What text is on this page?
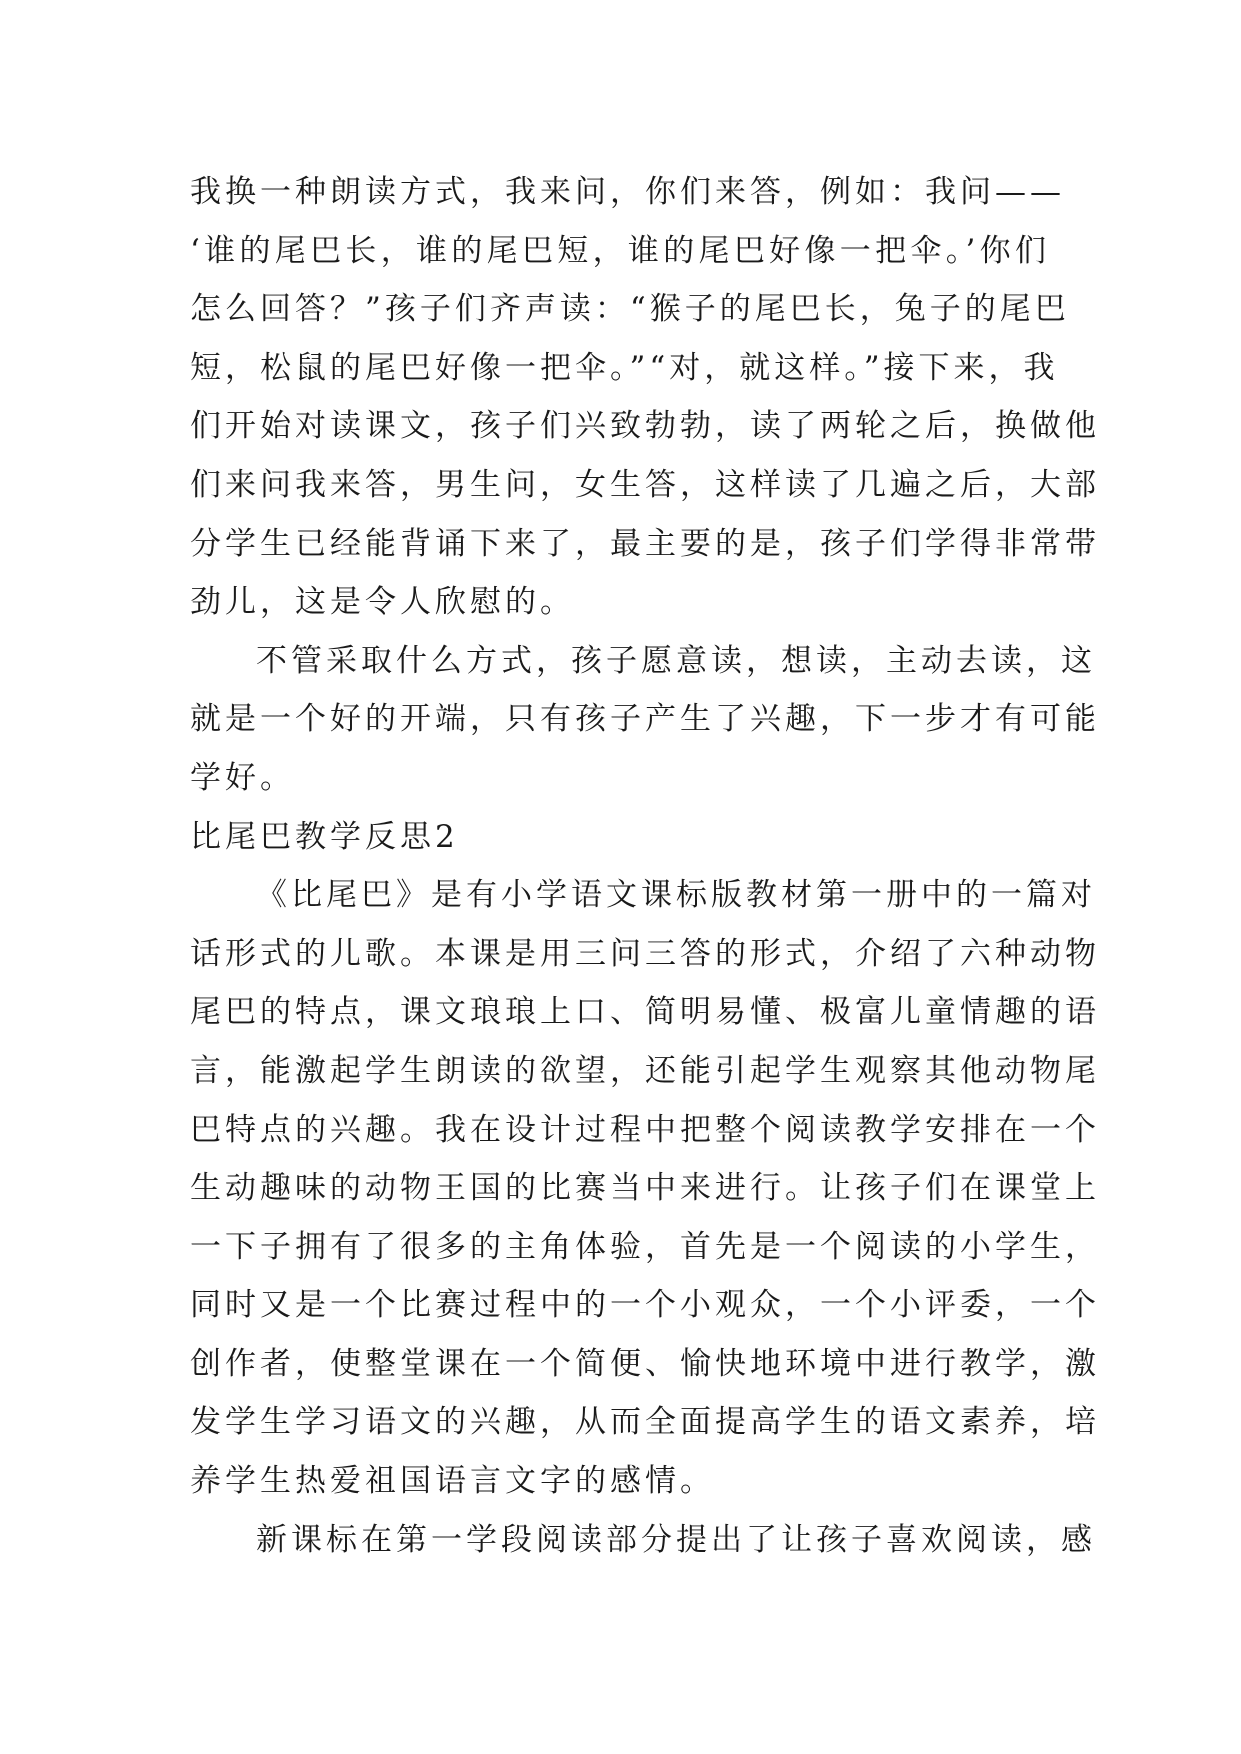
我换一种朗读方式，我来问，你们来答，例如：我问——
‘谁的尾巴长，谁的尾巴短，谁的尾巴好像一把伞。’你们
怎么回答？”孩子们齐声读：“猴子的尾巴长，兔子的尾巴
短，松鼠的尾巴好像一把伞。”“对，就这样。”接下来，我
们开始对读课文，孩子们兴致勃勃，读了两轮之后，换做他
们来问我来答，男生问，女生答，这样读了几遍之后，大部
分学生已经能背诵下来了，最主要的是，孩子们学得非常带
劲儿，这是令人欣慰的。
不管采取什么方式，孩子愿意读，想读，主动去读，这
就是一个好的开端，只有孩子产生了兴趣，下一步才有可能
学好。
比尾巴教学反思2
《比尾巴》是有小学语文课标版教材第一册中的一篇对
话形式的儿歌。本课是用三问三答的形式，介绍了六种动物
尾巴的特点，课文琅琅上口、简明易懂、极富儿童情趣的语
言，能激起学生朗读的欲望，还能引起学生观察其他动物尾
巴特点的兴趣。我在设计过程中把整个阅读教学安排在一个
生动趣味的动物王国的比赛当中来进行。让孩子们在课堂上
一下子拥有了很多的主角体验，首先是一个阅读的小学生，
同时又是一个比赛过程中的一个小观众，一个小评委，一个
创作者，使整堂课在一个简便、愉快地环境中进行教学，激
发学生学习语文的兴趣，从而全面提高学生的语文素养，培
养学生热爱祖国语言文字的感情。
新课标在第一学段阅读部分提出了让孩子喜欢阅读，感
